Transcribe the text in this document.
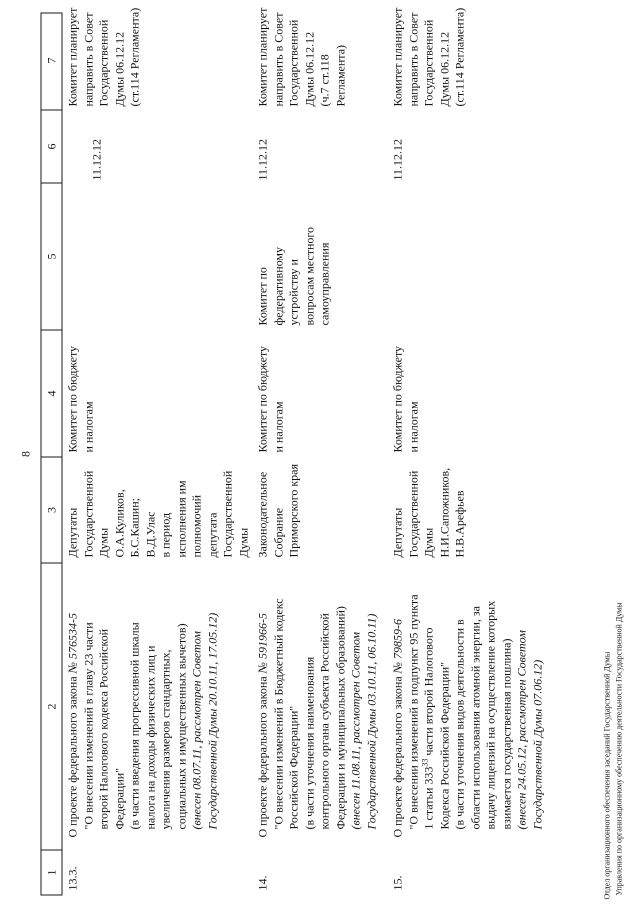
8
1
2
3
4
5
6
7
13.3.
О проекте федерального закона № 576534-5 "О внесении изменений в главу 23 части второй Налогового кодекса Российской Федерации" (в части введения прогрессивной шкалы налога на доходы физических лиц и увеличения размеров стандартных, социальных и имущественных вычетов) (внесен 08.07.11, рассмотрен Советом Государственной Думы 20.10.11, 17.05.12)
Депутаты Государственной Думы О.А.Куликов, Б.С.Кашин; В.Д.Улас в период исполнения им полномочий депутата Государственной Думы
Комитет по бюджету и налогам
11.12.12
Комитет планирует направить в Совет Государственной Думы 06.12.12 (ст.114 Регламента)
14.
О проекте федерального закона № 591966-5 "О внесении изменений в Бюджетный кодекс Российской Федерации" (в части уточнения наименования контрольного органа субъекта Российской Федерации и муниципальных образований) (внесен 11.08.11, рассмотрен Советом Государственной Думы 03.10.11, 06.10.11)
Законодательное Собрание Приморского края
Комитет по бюджету и налогам
Комитет по федеративному устройству и вопросам местного самоуправления
11.12.12
Комитет планирует направить в Совет Государственной Думы 06.12.12 (ч.7 ст.118 Регламента)
15.
О проекте федерального закона № 79859-6 "О внесении изменений в подпункт 95 пункта 1 статьи $333^{33}$ части второй Налогового Кодекса Российской Федерации" (в части уточнения видов деятельности в области использования атомной энергии, за выдачу лицензий на осуществление которых взимается государственная пошлина) (внесен 24.05.12, рассмотрен Советом Государственной Думы 07.06.12)
Депутаты Государственной Думы Н.И.Сапожников, Н.В.Арефьев
Комитет по бюджету и налогам
11.12.12
Комитет планирует направить в Совет Государственной Думы 06.12.12 (ст.114 Регламента)
Отдел организационного обеспечения заседаний Государственной Думы Управления по организационному обеспечению деятельности Государственной Думы
